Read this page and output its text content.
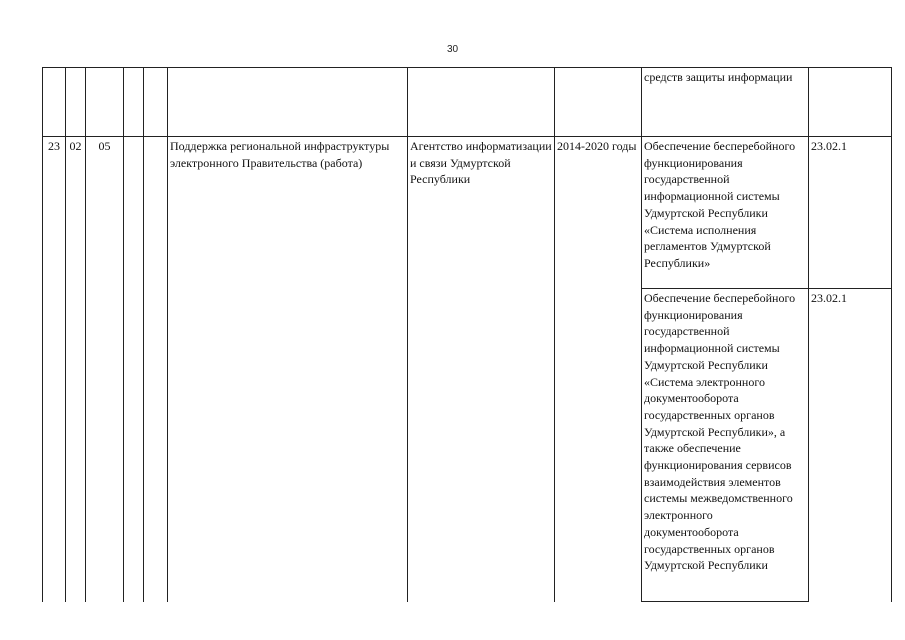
30
								средств защиты информации	
23	02	05			Поддержка региональной инфраструктуры электронного Правительства (работа)	Агентство информатизации и связи Удмуртской Республики	2014-2020 годы	Обеспечение бесперебойного функционирования государственной информационной системы Удмуртской Республики «Система исполнения регламентов Удмуртской Республики»	23.02.1
								Обеспечение бесперебойного функционирования государственной информационной системы Удмуртской Республики «Система электронного документооборота государственных органов Удмуртской Республики», а также обеспечение функционирования сервисов взаимодействия элементов системы межведомственного электронного документооборота государственных органов Удмуртской Республики	23.02.1
